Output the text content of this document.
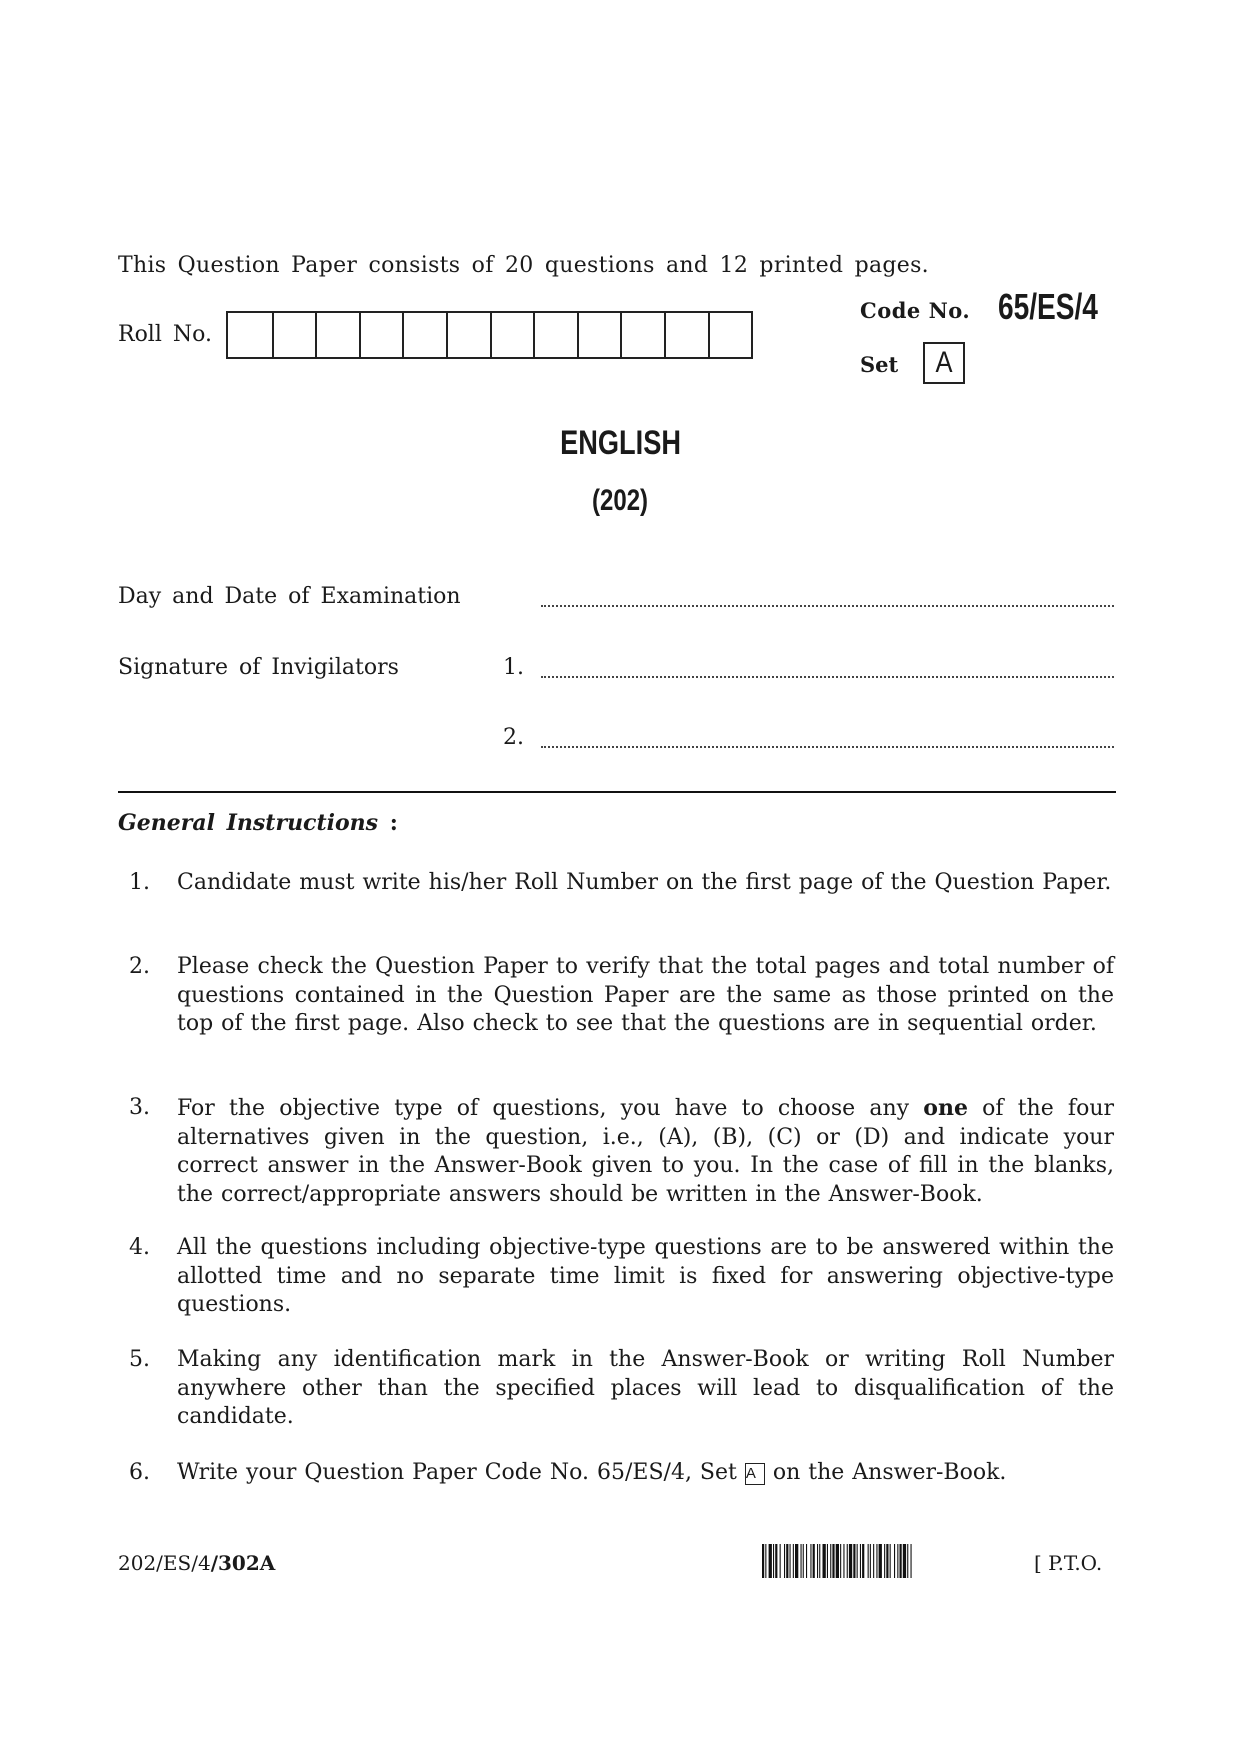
This Question Paper consists of 20 questions and 12 printed pages.
Roll No.
Code No. 65/ES/4
Set A
ENGLISH
(202)
Day and Date of Examination
Signature of Invigilators	1.
2.
General Instructions :
1. Candidate must write his/her Roll Number on the first page of the Question Paper.
2. Please check the Question Paper to verify that the total pages and total number of questions contained in the Question Paper are the same as those printed on the top of the first page. Also check to see that the questions are in sequential order.
3. For the objective type of questions, you have to choose any one of the four alternatives given in the question, i.e., (A), (B), (C) or (D) and indicate your correct answer in the Answer-Book given to you. In the case of fill in the blanks, the correct/appropriate answers should be written in the Answer-Book.
4. All the questions including objective-type questions are to be answered within the allotted time and no separate time limit is fixed for answering objective-type questions.
5. Making any identification mark in the Answer-Book or writing Roll Number anywhere other than the specified places will lead to disqualification of the candidate.
6. Write your Question Paper Code No. 65/ES/4, Set A on the Answer-Book.
202/ES/4/302A	[ P.T.O.
